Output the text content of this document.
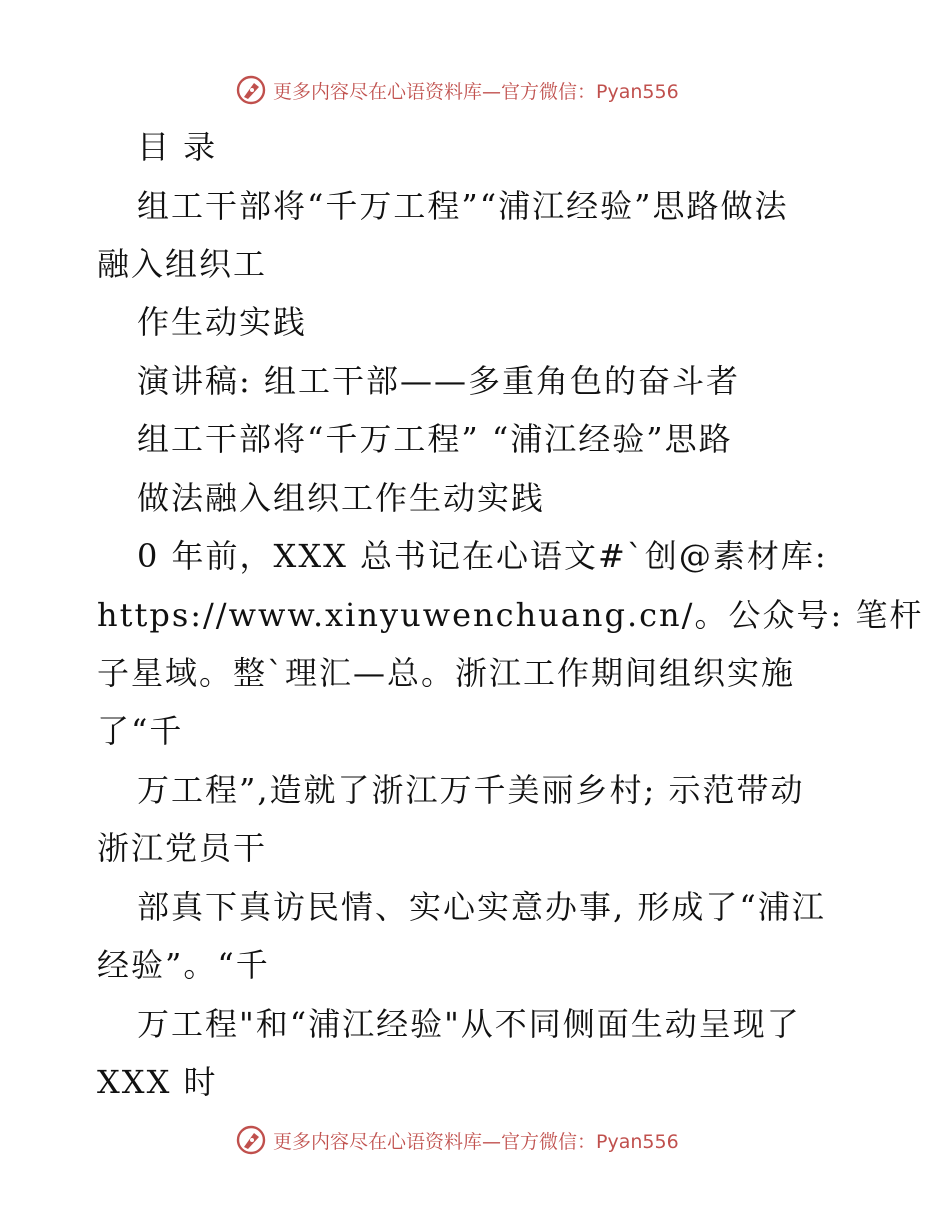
更多内容尽在心语资料库—官方微信：Pyan556
目 录
组工干部将“千万工程”“浦江经验”思路做法
融入组织工
作生动实践
演讲稿: 组工干部——多重角色的奋斗者
组工干部将“千万工程” “浦江经验”思路
做法融入组织工作生动实践
0 年前，XXX 总书记在心语文#`创@素材库:
https://www.xinyuwenchuang.cn/。公众号: 笔杆
子星域。整`理汇—总。浙江工作期间组织实施
了“千
万工程”,造就了浙江万千美丽乡村; 示范带动
浙江党员干
部真下真访民情、实心实意办事, 形成了“浦江
经验”。“千
万工程"和“浦江经验"从不同侧面生动呈现了
XXX 时
更多内容尽在心语资料库—官方微信：Pyan556
